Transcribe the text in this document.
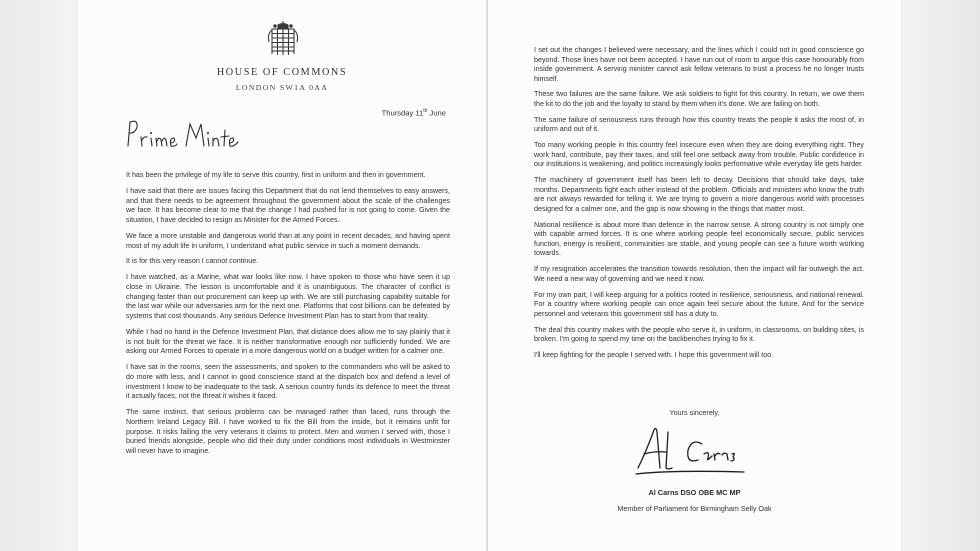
HOUSE OF COMMONS
LONDON SW1A 0AA
Thursday 11th June

It has been the privilege of my life to serve this country, first in uniform and then in government.

I have said that there are issues facing this Department that do not lend themselves to easy answers, and that there needs to be agreement throughout the government about the scale of the challenges we face. It has become clear to me that the change I had pushed for is not going to come. Given the situation, I have decided to resign as Minister for the Armed Forces.

We face a more unstable and dangerous world than at any point in recent decades, and having spent most of my adult life in uniform, I understand what public service in such a moment demands.

It is for this very reason I cannot continue.

I have watched, as a Marine, what war looks like now. I have spoken to those who have seen it up close in Ukraine. The lesson is uncomfortable and it is unambiguous. The character of conflict is changing faster than our procurement can keep up with. We are still purchasing capability suitable for the last war while our adversaries arm for the next one. Platforms that cost billions can be defeated by systems that cost thousands. Any serious Defence Investment Plan has to start from that reality.

While I had no hand in the Defence Investment Plan, that distance does allow me to say plainly that it is not built for the threat we face. It is neither transformative enough nor sufficiently funded. We are asking our Armed Forces to operate in a more dangerous world on a budget written for a calmer one.

I have sat in the rooms, seen the assessments, and spoken to the commanders who will be asked to do more with less, and I cannot in good conscience stand at the dispatch box and defend a level of investment I know to be inadequate to the task. A serious country funds its defence to meet the threat it actually faces, not the threat it wishes it faced.

The same instinct, that serious problems can be managed rather than faced, runs through the Northern Ireland Legacy Bill. I have worked to fix the Bill from the inside, but it remains unfit for purpose. It risks failing the very veterans it claims to protect. Men and women I served with, those I buried friends alongside, people who did their duty under conditions most individuals in Westminster will never have to imagine.

I set out the changes I believed were necessary, and the lines which I could not in good conscience go beyond. Those lines have not been accepted. I have run out of room to argue this case honourably from inside government. A serving minister cannot ask fellow veterans to trust a process he no longer trusts himself.

These two failures are the same failure. We ask soldiers to fight for this country. In return, we owe them the kit to do the job and the loyalty to stand by them when it's done. We are failing on both.

The same failure of seriousness runs through how this country treats the people it asks the most of, in uniform and out of it.

Too many working people in this country feel insecure even when they are doing everything right. They work hard, contribute, pay their taxes, and still feel one setback away from trouble. Public confidence in our institutions is weakening, and politics increasingly looks performative while everyday life gets harder.

The machinery of government itself has been left to decay. Decisions that should take days, take months. Departments fight each other instead of the problem. Officials and ministers who know the truth are not always rewarded for telling it. We are trying to govern a more dangerous world with processes designed for a calmer one, and the gap is now showing in the things that matter most.

National resilience is about more than defence in the narrow sense. A strong country is not simply one with capable armed forces. It is one where working people feel economically secure, public services function, energy is resilient, communities are stable, and young people can see a future worth working towards.

If my resignation accelerates the transition towards resolution, then the impact will far outweigh the act. We need a new way of governing and we need it now.

For my own part, I will keep arguing for a politics rooted in resilience, seriousness, and national renewal. For a country where working people can once again feel secure about the future. And for the service personnel and veterans this government still has a duty to.

The deal this country makes with the people who serve it, in uniform, in classrooms, on building sites, is broken. I'm going to spend my time on the backbenches trying to fix it.

I'll keep fighting for the people I served with. I hope this government will too.

Yours sincerely,
Al Carns DSO OBE MC MP
Member of Parliament for Birmingham Selly Oak
